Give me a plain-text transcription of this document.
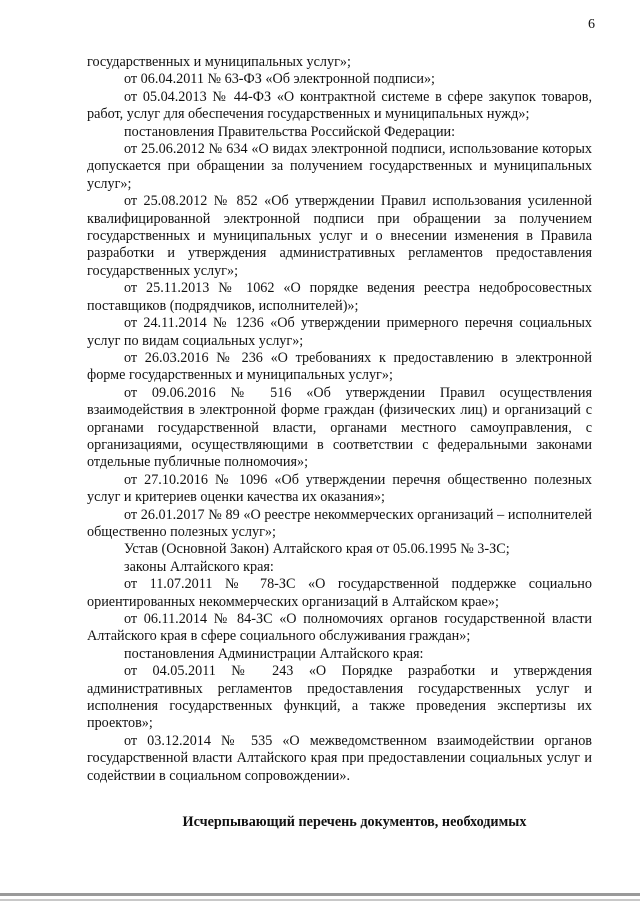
6

государственных и муниципальных услуг»;

от 06.04.2011 № 63-ФЗ «Об электронной подписи»;

от 05.04.2013 № 44-ФЗ «О контрактной системе в сфере закупок товаров, работ, услуг для обеспечения государственных и муниципальных нужд»;

постановления Правительства Российской Федерации:

от 25.06.2012 № 634 «О видах электронной подписи, использование которых допускается при обращении за получением государственных и муниципальных услуг»;

от 25.08.2012 № 852 «Об утверждении Правил использования усиленной квалифицированной электронной подписи при обращении за получением государственных и муниципальных услуг и о внесении изменения в Правила разработки и утверждения административных регламентов предоставления государственных услуг»;

от 25.11.2013 № 1062 «О порядке ведения реестра недобросовестных поставщиков (подрядчиков, исполнителей)»;

от 24.11.2014 № 1236 «Об утверждении примерного перечня социальных услуг по видам социальных услуг»;

от 26.03.2016 № 236 «О требованиях к предоставлению в электронной форме государственных и муниципальных услуг»;

от 09.06.2016 № 516 «Об утверждении Правил осуществления взаимодействия в электронной форме граждан (физических лиц) и организаций с органами государственной власти, органами местного самоуправления, с организациями, осуществляющими в соответствии с федеральными законами отдельные публичные полномочия»;

от 27.10.2016 № 1096 «Об утверждении перечня общественно полезных услуг и критериев оценки качества их оказания»;

от 26.01.2017 № 89 «О реестре некоммерческих организаций – исполнителей общественно полезных услуг»;

Устав (Основной Закон) Алтайского края от 05.06.1995 № 3-ЗС;

законы Алтайского края:

от 11.07.2011 № 78-ЗС «О государственной поддержке социально ориентированных некоммерческих организаций в Алтайском крае»;

от 06.11.2014 № 84-ЗС «О полномочиях органов государственной власти Алтайского края в сфере социального обслуживания граждан»;

постановления Администрации Алтайского края:

от 04.05.2011 № 243 «О Порядке разработки и утверждения административных регламентов предоставления государственных услуг и исполнения государственных функций, а также проведения экспертизы их проектов»;

от 03.12.2014 № 535 «О межведомственном взаимодействии органов государственной власти Алтайского края при предоставлении социальных услуг и содействии в социальном сопровождении».

Исчерпывающий перечень документов, необходимых
